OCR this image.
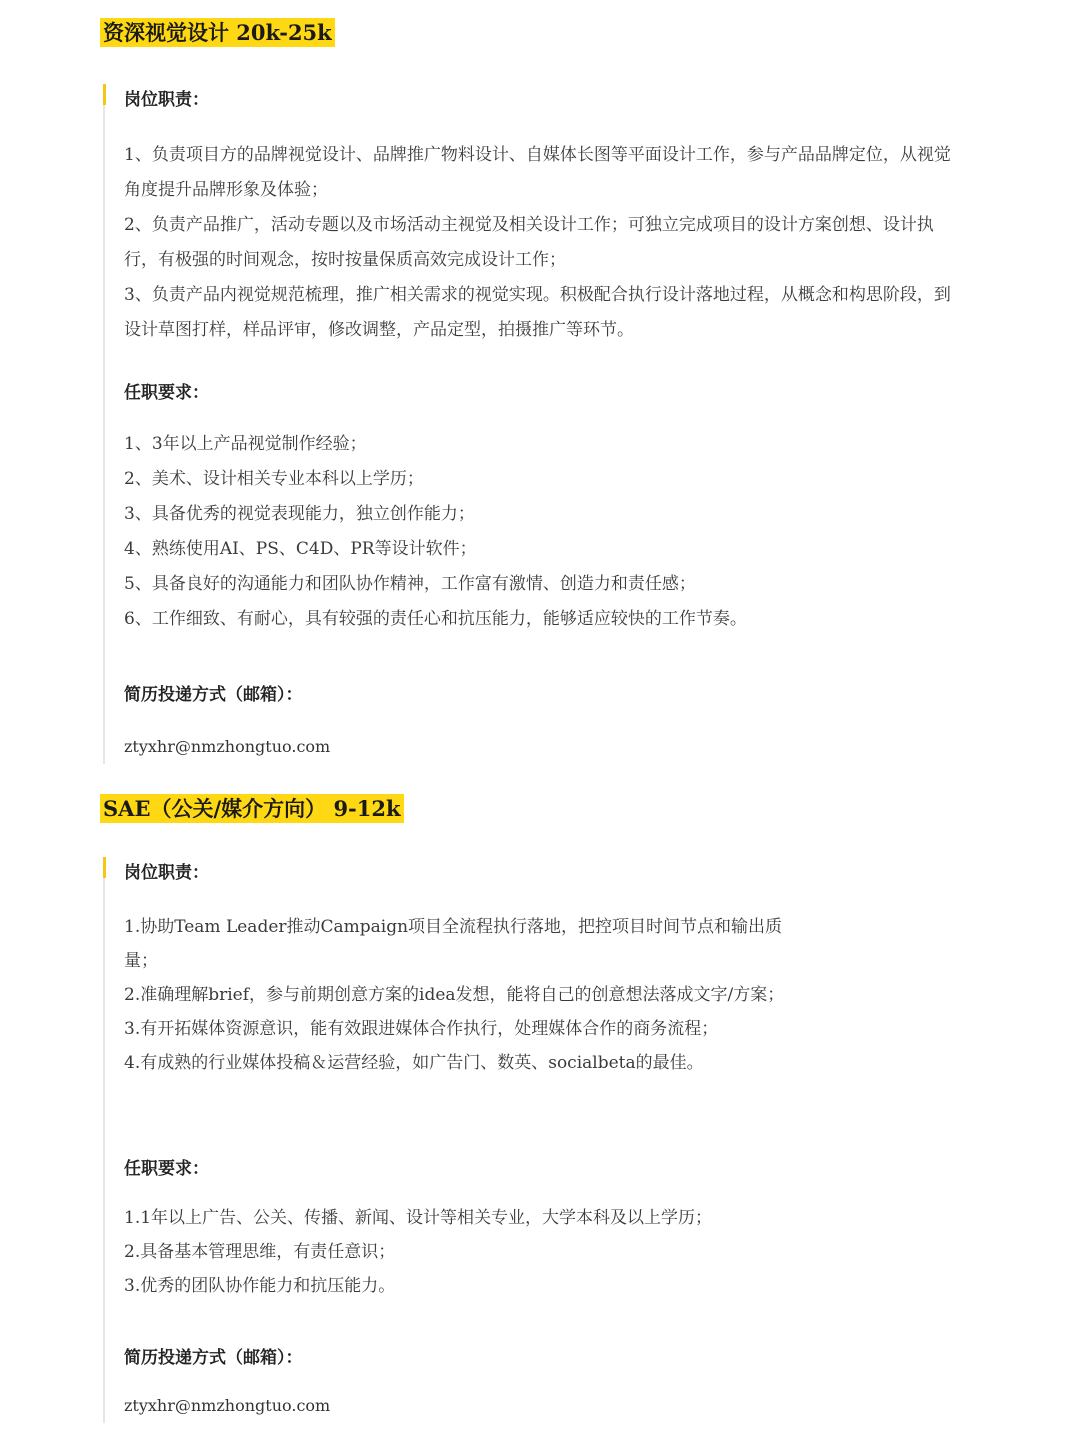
资深视觉设计 20k-25k
岗位职责：
1、负责项目方的品牌视觉设计、品牌推广物料设计、自媒体长图等平面设计工作，参与产品品牌定位，从视觉角度提升品牌形象及体验；
2、负责产品推广，活动专题以及市场活动主视觉及相关设计工作；可独立完成项目的设计方案创想、设计执行，有极强的时间观念，按时按量保质高效完成设计工作；
3、负责产品内视觉规范梳理，推广相关需求的视觉实现。积极配合执行设计落地过程，从概念和构思阶段，到设计草图打样，样品评审，修改调整，产品定型，拍摄推广等环节。
任职要求：
1、3年以上产品视觉制作经验；
2、美术、设计相关专业本科以上学历；
3、具备优秀的视觉表现能力，独立创作能力；
4、熟练使用AI、PS、C4D、PR等设计软件；
5、具备良好的沟通能力和团队协作精神，工作富有激情、创造力和责任感；
6、工作细致、有耐心，具有较强的责任心和抗压能力，能够适应较快的工作节奏。
简历投递方式（邮箱）：
ztyxhr@nmzhongtuo.com
SAE（公关/媒介方向） 9-12k
岗位职责：
1.协助Team Leader推动Campaign项目全流程执行落地，把控项目时间节点和输出质量；
2.准确理解brief，参与前期创意方案的idea发想，能将自己的创意想法落成文字/方案；
3.有开拓媒体资源意识，能有效跟进媒体合作执行，处理媒体合作的商务流程；
4.有成熟的行业媒体投稿＆运营经验，如广告门、数英、socialbeta的最佳。
任职要求：
1.1年以上广告、公关、传播、新闻、设计等相关专业，大学本科及以上学历；
2.具备基本管理思维，有责任意识；
3.优秀的团队协作能力和抗压能力。
简历投递方式（邮箱）：
ztyxhr@nmzhongtuo.com
